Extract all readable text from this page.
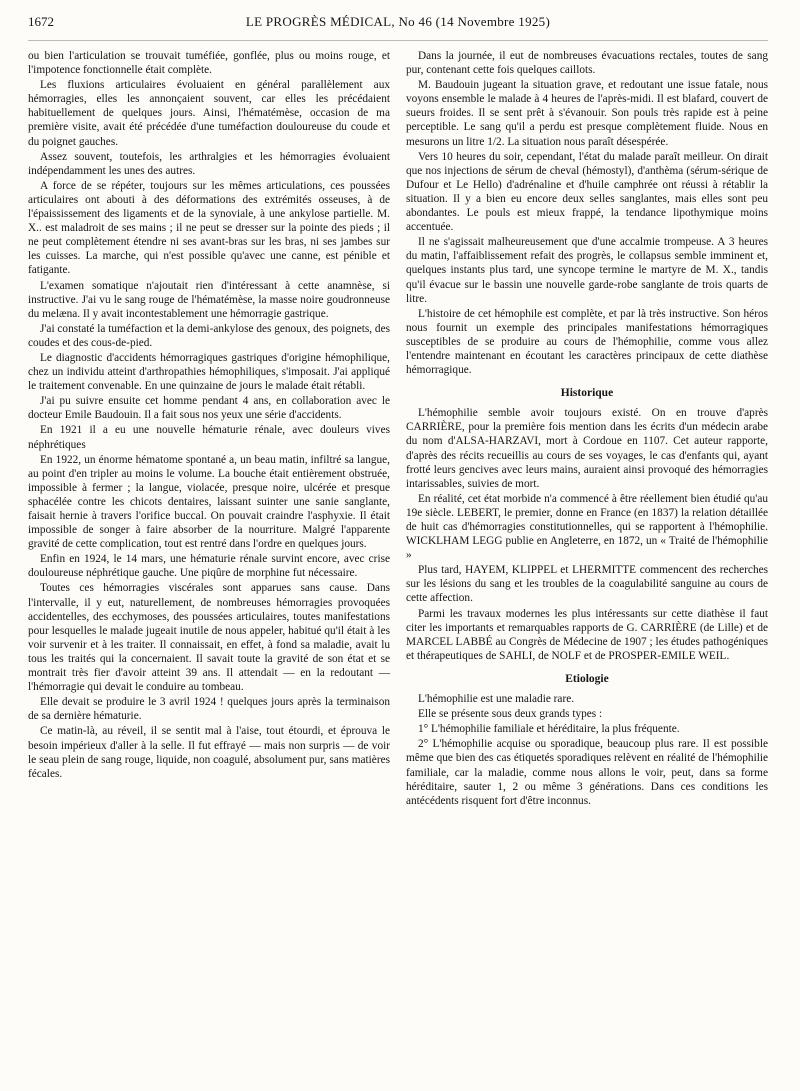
1672	LE PROGRÈS MÉDICAL, No 46 (14 Novembre 1925)

ou bien l'articulation se trouvait tuméfiée, gonflée, plus ou moins rouge, et l'impotence fonctionnelle était complète.

Les fluxions articulaires évoluaient en général parallèlement aux hémorragies, elles les annonçaient souvent, car elles les précédaient habituellement de quelques jours. Ainsi, l'hématémèse, occasion de ma première visite, avait été précédée d'une tuméfaction douloureuse du coude et du poignet gauches.

Assez souvent, toutefois, les arthralgies et les hémorragies évoluaient indépendamment les unes des autres.

A force de se répéter, toujours sur les mêmes articulations, ces poussées articulaires ont abouti à des déformations des extrémités osseuses, à de l'épaississement des ligaments et de la synoviale, à une ankylose partielle. M. X.. est maladroit de ses mains ; il ne peut se dresser sur la pointe des pieds ; il ne peut complètement étendre ni ses avant-bras sur les bras, ni ses jambes sur les cuisses. La marche, qui n'est possible qu'avec une canne, est pénible et fatigante.

L'examen somatique n'ajoutait rien d'intéressant à cette anamnèse, si instructive. J'ai vu le sang rouge de l'hématémèse, la masse noire goudronneuse du melæna. Il y avait incontestablement une hémorragie gastrique.

J'ai constaté la tuméfaction et la demi-ankylose des genoux, des poignets, des coudes et des cous-de-pied.

Le diagnostic d'accidents hémorragiques gastriques d'origine hémophilique, chez un individu atteint d'arthropathies hémophiliques, s'imposait. J'ai appliqué le traitement convenable. En une quinzaine de jours le malade était rétabli.

J'ai pu suivre ensuite cet homme pendant 4 ans, en collaboration avec le docteur Emile Baudouin. Il a fait sous nos yeux une série d'accidents.

En 1921 il a eu une nouvelle hématurie rénale, avec douleurs vives néphrétiques

En 1922, un énorme hématome spontané a, un beau matin, infiltré sa langue, au point d'en tripler au moins le volume. La bouche était entièrement obstruée, impossible à fermer ; la langue, violacée, presque noire, ulcérée et presque sphacélée contre les chicots dentaires, laissant suinter une sanie sanglante, faisait hernie à travers l'orifice buccal. On pouvait craindre l'asphyxie. Il était impossible de songer à faire absorber de la nourriture. Malgré l'apparente gravité de cette complication, tout est rentré dans l'ordre en quelques jours.

Enfin en 1924, le 14 mars, une hématurie rénale survint encore, avec crise douloureuse néphrétique gauche. Une piqûre de morphine fut nécessaire.

Toutes ces hémorragies viscérales sont apparues sans cause. Dans l'intervalle, il y eut, naturellement, de nombreuses hémorragies provoquées accidentelles, des ecchymoses, des poussées articulaires, toutes manifestations pour lesquelles le malade jugeait inutile de nous appeler, habitué qu'il était à les voir survenir et à les traiter. Il connaissait, en effet, à fond sa maladie, avait lu tous les traités qui la concernaient. Il savait toute la gravité de son état et se montrait très fier d'avoir atteint 39 ans. Il attendait — en la redoutant — l'hémorragie qui devait le conduire au tombeau.

Elle devait se produire le 3 avril 1924 ! quelques jours après la terminaison de sa dernière hématurie.

Ce matin-là, au réveil, il se sentit mal à l'aise, tout étourdi, et éprouva le besoin impérieux d'aller à la selle. Il fut effrayé — mais non surpris — de voir le seau plein de sang rouge, liquide, non coagulé, absolument pur, sans matières fécales.

Dans la journée, il eut de nombreuses évacuations rectales, toutes de sang pur, contenant cette fois quelques caillots.

M. Baudouin jugeant la situation grave, et redoutant une issue fatale, nous voyons ensemble le malade à 4 heures de l'après-midi. Il est blafard, couvert de sueurs froides. Il se sent prêt à s'évanouir. Son pouls très rapide est à peine perceptible. Le sang qu'il a perdu est presque complètement fluide. Nous en mesurons un litre 1/2. La situation nous paraît désespérée.

Vers 10 heures du soir, cependant, l'état du malade paraît meilleur. On dirait que nos injections de sérum de cheval (hémostyl), d'anthèma (sérum-sérique de Dufour et Le Hello) d'adrénaline et d'huile camphrée ont réussi à rétablir la situation. Il y a bien eu encore deux selles sanglantes, mais elles sont peu abondantes. Le pouls est mieux frappé, la tendance lipothymique moins accentuée.

Il ne s'agissait malheureusement que d'une accalmie trompeuse. A 3 heures du matin, l'affaiblissement refait des progrès, le collapsus semble imminent et, quelques instants plus tard, une syncope termine le martyre de M. X., tandis qu'il évacue sur le bassin une nouvelle garde-robe sanglante de trois quarts de litre.

L'histoire de cet hémophile est complète, et par là très instructive. Son héros nous fournit un exemple des principales manifestations hémorragiques susceptibles de se produire au cours de l'hémophilie, comme vous allez l'entendre maintenant en écoutant les caractères principaux de cette diathèse hémorragique.

Historique

L'hémophilie semble avoir toujours existé. On en trouve d'après CARRIÈRE, pour la première fois mention dans les écrits d'un médecin arabe du nom d'ALSA-HARZAVI, mort à Cordoue en 1107. Cet auteur rapporte, d'après des récits recueillis au cours de ses voyages, le cas d'enfants qui, ayant frotté leurs gencives avec leurs mains, auraient ainsi provoqué des hémorragies intarissables, suivies de mort.

En réalité, cet état morbide n'a commencé à être réellement bien étudié qu'au 19e siècle. LEBERT, le premier, donne en France (en 1837) la relation détaillée de huit cas d'hémorragies constitutionnelles, qui se rapportent à l'hémophilie. WICKLHAM LEGG publie en Angleterre, en 1872, un « Traité de l'hémophilie »

Plus tard, HAYEM, KLIPPEL et LHERMITTE commencent des recherches sur les lésions du sang et les troubles de la coagulabilité sanguine au cours de cette affection.

Parmi les travaux modernes les plus intéressants sur cette diathèse il faut citer les importants et remarquables rapports de G. CARRIÈRE (de Lille) et de MARCEL LABBÉ au Congrès de Médecine de 1907 ; les études pathogéniques et thérapeutiques de SAHLI, de NOLF et de PROSPER-EMILE WEIL.

Etiologie

L'hémophilie est une maladie rare.

Elle se présente sous deux grands types :

1° L'hémophilie familiale et héréditaire, la plus fréquente.

2° L'hémophilie acquise ou sporadique, beaucoup plus rare. Il est possible même que bien des cas étiquetés sporadiques relèvent en réalité de l'hémophilie familiale, car la maladie, comme nous allons le voir, peut, dans sa forme héréditaire, sauter 1, 2 ou même 3 générations. Dans ces conditions les antécédents risquent fort d'être inconnus.
